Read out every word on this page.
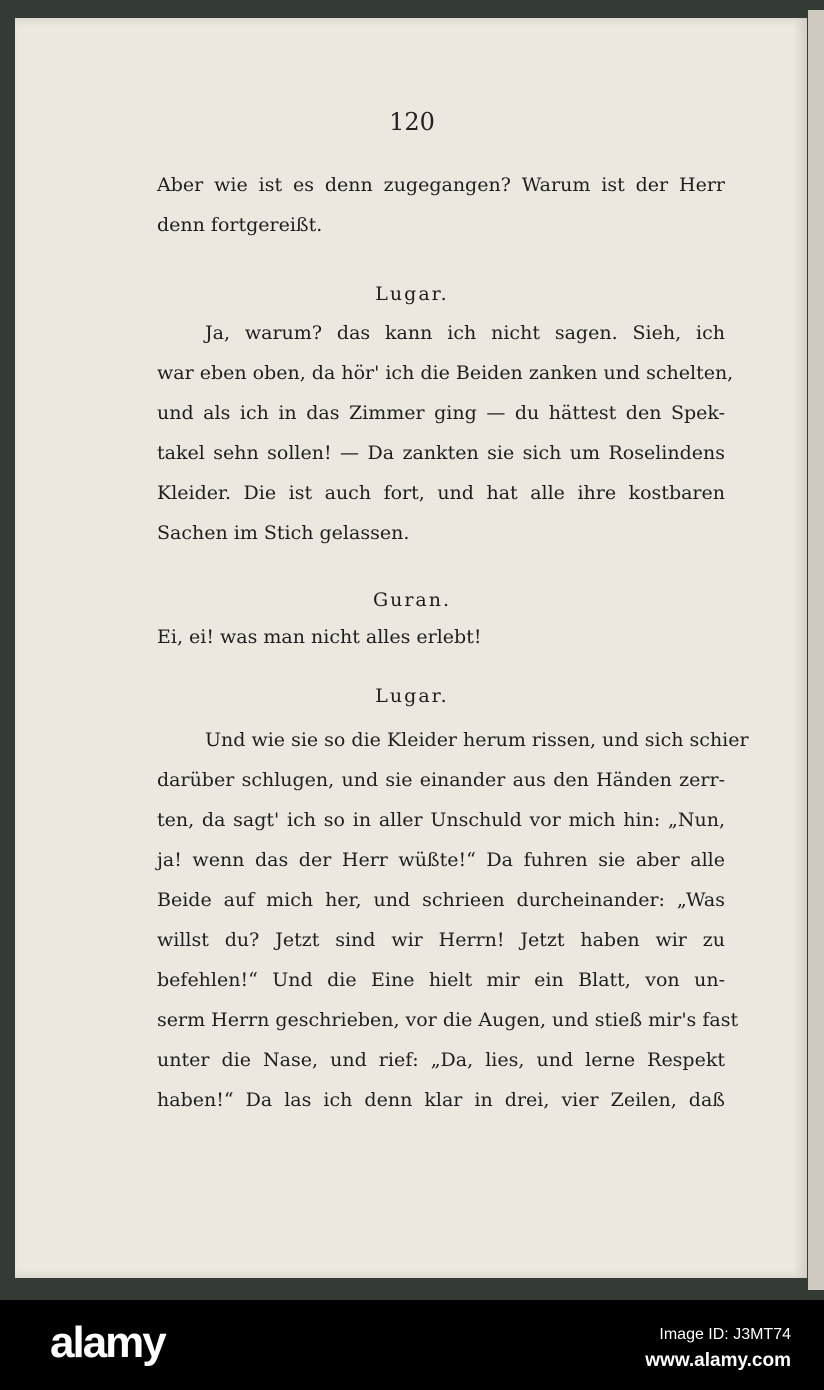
120
Aber wie ist es denn zugegangen? Warum ist der Herr
denn fortgereißt.
Lugar.
Ja, warum? das kann ich nicht sagen. Sieh, ich
war eben oben, da hör' ich die Beiden zanken und schelten,
und als ich in das Zimmer ging — du hättest den Spek-
takel sehn sollen! — Da zankten sie sich um Roselindens
Kleider. Die ist auch fort, und hat alle ihre kostbaren
Sachen im Stich gelassen.
Guran.
Ei, ei! was man nicht alles erlebt!
Lugar.
Und wie sie so die Kleider herum rissen, und sich schier
darüber schlugen, und sie einander aus den Händen zerr-
ten, da sagt' ich so in aller Unschuld vor mich hin: „Nun,
ja! wenn das der Herr wüßte!“ Da fuhren sie aber alle
Beide auf mich her, und schrieen durcheinander: „Was
willst du? Jetzt sind wir Herrn! Jetzt haben wir zu
befehlen!“ Und die Eine hielt mir ein Blatt, von un-
serm Herrn geschrieben, vor die Augen, und stieß mir's fast
unter die Nase, und rief: „Da, lies, und lerne Respekt
haben!“ Da las ich denn klar in drei, vier Zeilen, daß
alamy	Image ID: J3MT74
www.alamy.com
